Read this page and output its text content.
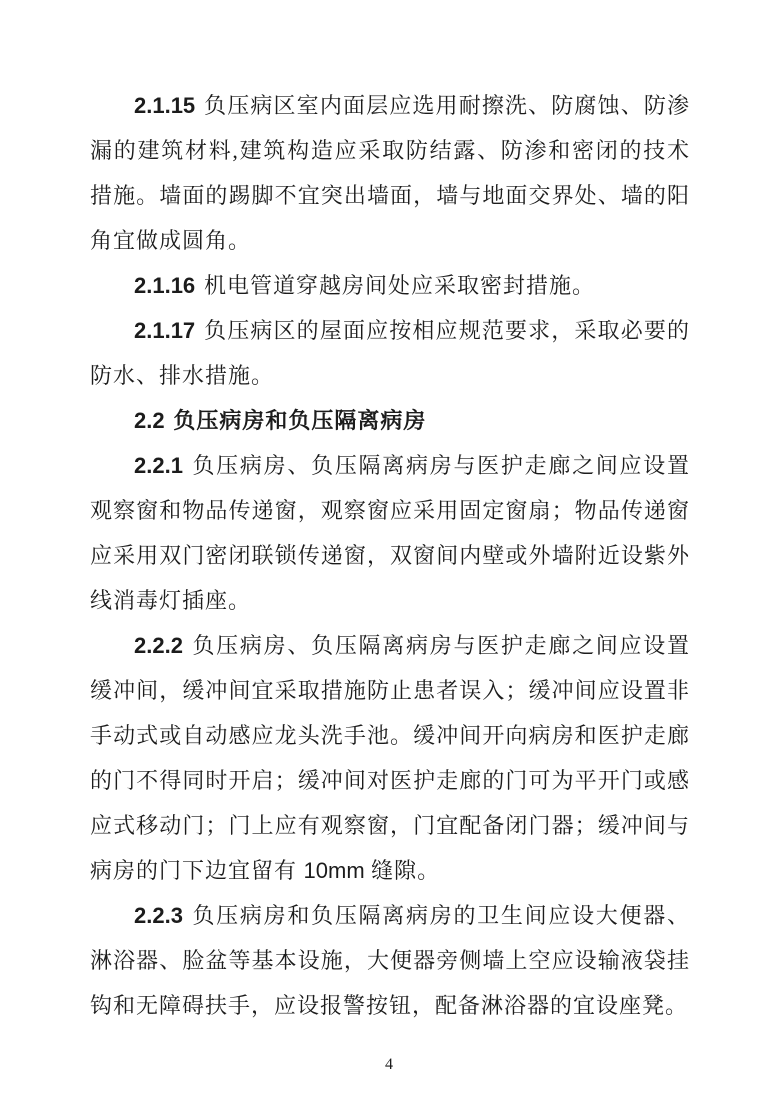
2.1.15 负压病区室内面层应选用耐擦洗、防腐蚀、防渗漏的建筑材料,建筑构造应采取防结露、防渗和密闭的技术措施。墙面的踢脚不宜突出墙面，墙与地面交界处、墙的阳角宜做成圆角。

2.1.16 机电管道穿越房间处应采取密封措施。

2.1.17 负压病区的屋面应按相应规范要求，采取必要的防水、排水措施。

2.2 负压病房和负压隔离病房

2.2.1 负压病房、负压隔离病房与医护走廊之间应设置观察窗和物品传递窗，观察窗应采用固定窗扇；物品传递窗应采用双门密闭联锁传递窗，双窗间内壁或外墙附近设紫外线消毒灯插座。

2.2.2 负压病房、负压隔离病房与医护走廊之间应设置缓冲间，缓冲间宜采取措施防止患者误入；缓冲间应设置非手动式或自动感应龙头洗手池。缓冲间开向病房和医护走廊的门不得同时开启；缓冲间对医护走廊的门可为平开门或感应式移动门；门上应有观察窗，门宜配备闭门器；缓冲间与病房的门下边宜留有 10mm 缝隙。

2.2.3 负压病房和负压隔离病房的卫生间应设大便器、淋浴器、脸盆等基本设施，大便器旁侧墙上空应设输液袋挂钩和无障碍扶手，应设报警按钮，配备淋浴器的宜设座凳。

4
